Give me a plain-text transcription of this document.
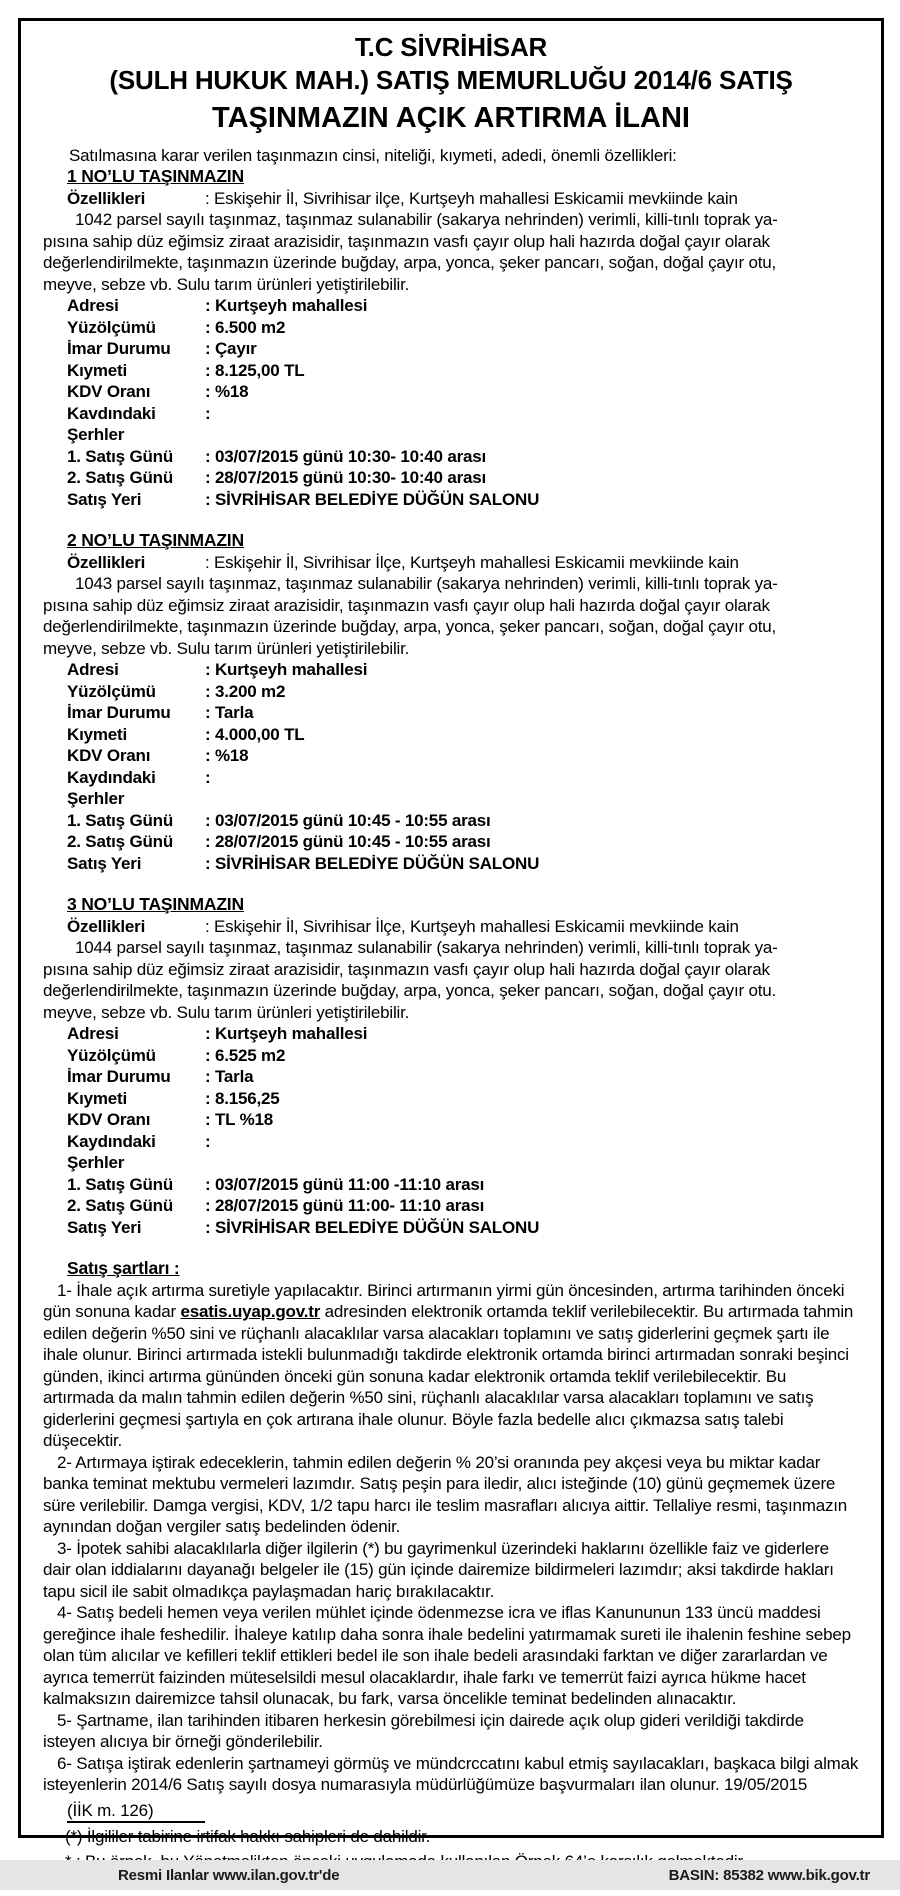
T.C SİVRİHİSAR
(SULH HUKUK MAH.) SATIŞ MEMURLUĞU 2014/6 SATIŞ
TAŞINMAZIN AÇIK ARTIRMA İLANI
Satılmasına karar verilen taşınmazın cinsi, niteliği, kıymeti, adedi, önemli özellikleri:
1 NO’LU TAŞINMAZIN
Özellikleri	: Eskişehir İl, Sivrihisar ilçe, Kurtşeyh mahallesi Eskicamii mevkiinde kain
1042 parsel sayılı taşınmaz, taşınmaz sulanabilir (sakarya nehrinden) verimli, killi-tınlı toprak ya-
pısına sahip düz eğimsiz ziraat arazisidir, taşınmazın vasfı çayır olup hali hazırda doğal çayır olarak
değerlendirilmekte, taşınmazın üzerinde buğday, arpa, yonca, şeker pancarı, soğan, doğal çayır otu,
meyve, sebze vb. Sulu tarım ürünleri yetiştirilebilir.
Adresi	: Kurtşeyh mahallesi
Yüzölçümü	: 6.500 m2
İmar Durumu	: Çayır
Kıymeti	: 8.125,00 TL
KDV Oranı	: %18
Kavdındaki Şerhler
:
1. Satış Günü	: 03/07/2015 günü 10:30- 10:40 arası
2. Satış Günü	: 28/07/2015 günü 10:30- 10:40 arası
Satış Yeri	: SİVRİHİSAR BELEDİYE DÜĞÜN SALONU
2 NO’LU TAŞINMAZIN
Özellikleri	: Eskişehir İl, Sivrihisar İlçe, Kurtşeyh mahallesi Eskicamii mevkiinde kain
1043 parsel sayılı taşınmaz, taşınmaz sulanabilir (sakarya nehrinden) verimli, killi-tınlı toprak ya-
pısına sahip düz eğimsiz ziraat arazisidir, taşınmazın vasfı çayır olup hali hazırda doğal çayır olarak
değerlendirilmekte, taşınmazın üzerinde buğday, arpa, yonca, şeker pancarı, soğan, doğal çayır otu,
meyve, sebze vb. Sulu tarım ürünleri yetiştirilebilir.
Adresi	: Kurtşeyh mahallesi
Yüzölçümü	: 3.200 m2
İmar Durumu	: Tarla
Kıymeti	: 4.000,00 TL
KDV Oranı	: %18
Kaydındaki Şerhler
:
1. Satış Günü	: 03/07/2015 günü 10:45 - 10:55 arası
2. Satış Günü	: 28/07/2015 günü 10:45 - 10:55 arası
Satış Yeri	: SİVRİHİSAR BELEDİYE DÜĞÜN SALONU
3 NO’LU TAŞINMAZIN
Özellikleri	: Eskişehir İl, Sivrihisar İlçe, Kurtşeyh mahallesi Eskicamii mevkiinde kain
1044 parsel sayılı taşınmaz, taşınmaz sulanabilir (sakarya nehrinden) verimli, killi-tınlı toprak ya-
pısına sahip düz eğimsiz ziraat arazisidir, taşınmazın vasfı çayır olup hali hazırda doğal çayır olarak
değerlendirilmekte, taşınmazın üzerinde buğday, arpa, yonca, şeker pancarı, soğan, doğal çayır otu.
meyve, sebze vb. Sulu tarım ürünleri yetiştirilebilir.
Adresi	: Kurtşeyh mahallesi
Yüzölçümü	: 6.525 m2
İmar Durumu	: Tarla
Kıymeti	: 8.156,25
KDV Oranı	: TL %18
Kaydındaki Şerhler
:
1. Satış Günü	: 03/07/2015 günü 11:00 -11:10 arası
2. Satış Günü	: 28/07/2015 günü 11:00- 11:10 arası
Satış Yeri	: SİVRİHİSAR BELEDİYE DÜĞÜN SALONU
Satış şartları :

1- İhale açık artırma suretiyle yapılacaktır. Birinci artırmanın yirmi gün öncesinden, artırma tarihinden önceki gün sonuna kadar esatis.uyap.gov.tr adresinden elektronik ortamda teklif verilebilecektir. Bu artırmada tahmin edilen değerin %50 sini ve rüçhanlı alacaklılar varsa alacakları toplamını ve satış giderlerini geçmek şartı ile ihale olunur. Birinci artırmada istekli bulunmadığı takdirde elektronik ortamda birinci artırmadan sonraki beşinci günden, ikinci artırma gününden önceki gün sonuna kadar elektronik ortamda teklif verilebilecektir. Bu artırmada da malın tahmin edilen değerin %50 sini, rüçhanlı alacaklılar varsa alacakları toplamını ve satış giderlerini geçmesi şartıyla en çok artırana ihale olunur. Böyle fazla bedelle alıcı çıkmazsa satış talebi düşecektir.

2- Artırmaya iştirak edeceklerin, tahmin edilen değerin % 20’si oranında pey akçesi veya bu miktar kadar banka teminat mektubu vermeleri lazımdır. Satış peşin para iledir, alıcı isteğinde (10) günü geçmemek üzere süre verilebilir. Damga vergisi, KDV, 1/2 tapu harcı ile teslim masrafları alıcıya aittir. Tellaliye resmi, taşınmazın aynından doğan vergiler satış bedelinden ödenir.

3- İpotek sahibi alacaklılarla diğer ilgilerin (*) bu gayrimenkul üzerindeki haklarını özellikle faiz ve giderlere dair olan iddialarını dayanağı belgeler ile (15) gün içinde dairemize bildirmeleri lazımdır; aksi takdirde hakları tapu sicil ile sabit olmadıkça paylaşmadan hariç bırakılacaktır.

4- Satış bedeli hemen veya verilen mühlet içinde ödenmezse icra ve iflas Kanununun 133 üncü maddesi gereğince ihale feshedilir. İhaleye katılıp daha sonra ihale bedelini yatırmamak sureti ile ihalenin feshine sebep olan tüm alıcılar ve kefilleri teklif ettikleri bedel ile son ihale bedeli arasındaki farktan ve diğer zararlardan ve ayrıca temerrüt faizinden müteselsildi mesul olacaklardır, ihale farkı ve temerrüt faizi ayrıca hükme hacet kalmaksızın dairemizce tahsil olunacak, bu fark, varsa öncelikle teminat bedelinden alınacaktır.

5- Şartname, ilan tarihinden itibaren herkesin görebilmesi için dairede açık olup gideri verildiği takdirde isteyen alıcıya bir örneği gönderilebilir.

6- Satışa iştirak edenlerin şartnameyi görmüş ve mündcrccatını kabul etmiş sayılacakları, başkaca bilgi almak isteyenlerin 2014/6 Satış sayılı dosya numarasıyla müdürlüğümüze başvurmaları ilan olunur. 19/05/2015

(İİK m. 126)
(*) İlgililer tabirine irtifak hakkı sahipleri de dahildir.
Resmi Ilanlar www.ilan.gov.tr'de	BASIN: 85382 www.bik.gov.tr
